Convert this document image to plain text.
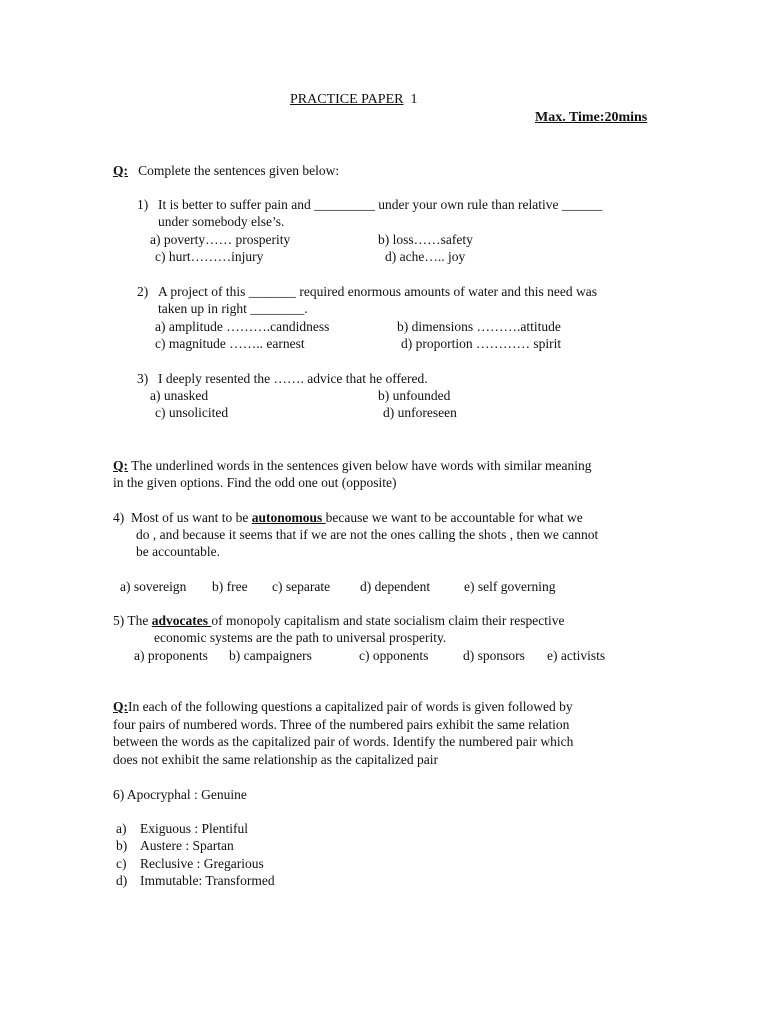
PRACTICE PAPER 1
Max. Time:20mins
Q: Complete the sentences given below:
1) It is better to suffer pain and _________ under your own rule than relative ______
under somebody else’s.
a) poverty…… prosperity	b) loss……safety
c) hurt………injury	d) ache….. joy
2) A project of this _______ required enormous amounts of water and this need was
taken up in right ________.
a) amplitude ……….candidness	b) dimensions ……….attitude
c) magnitude …….. earnest	d) proportion ………… spirit
3) I deeply resented the ……. advice that he offered.
a) unasked	b) unfounded
c) unsolicited	d) unforeseen
Q: The underlined words in the sentences given below have words with similar meaning
in the given options. Find the odd one out (opposite)
4) Most of us want to be autonomous because we want to be accountable for what we
do , and because it seems that if we are not the ones calling the shots , then we cannot
be accountable.
a) sovereign b) free c) separate d) dependent	e) self governing
5) The advocates of monopoly capitalism and state socialism claim their respective
economic systems are the path to universal prosperity.
a) proponents b) campaigners	c) opponents	d) sponsors e) activists
Q:In each of the following questions a capitalized pair of words is given followed by
four pairs of numbered words. Three of the numbered pairs exhibit the same relation
between the words as the capitalized pair of words. Identify the numbered pair which
does not exhibit the same relationship as the capitalized pair
6) Apocryphal : Genuine
a) Exiguous : Plentiful
b) Austere : Spartan
c) Reclusive : Gregarious
d) Immutable: Transformed
